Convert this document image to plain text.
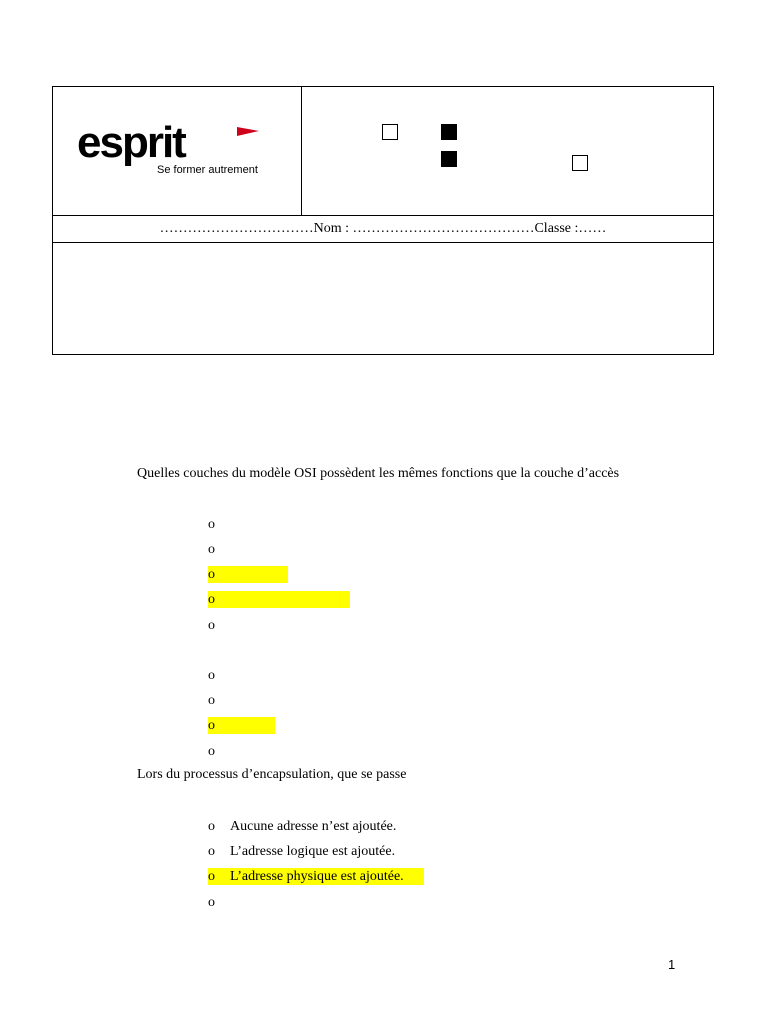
esprit
Se former autrement
……………………………Nom : …………………………………Classe :……
Quelles couches du modèle OSI possèdent les mêmes fonctions que la couche d’accès
o
o
o
o
o
o
o
o
o
Lors du processus d’encapsulation, que se passe
o Aucune adresse n’est ajoutée.
o L’adresse logique est ajoutée.
o L’adresse physique est ajoutée.
o
1
